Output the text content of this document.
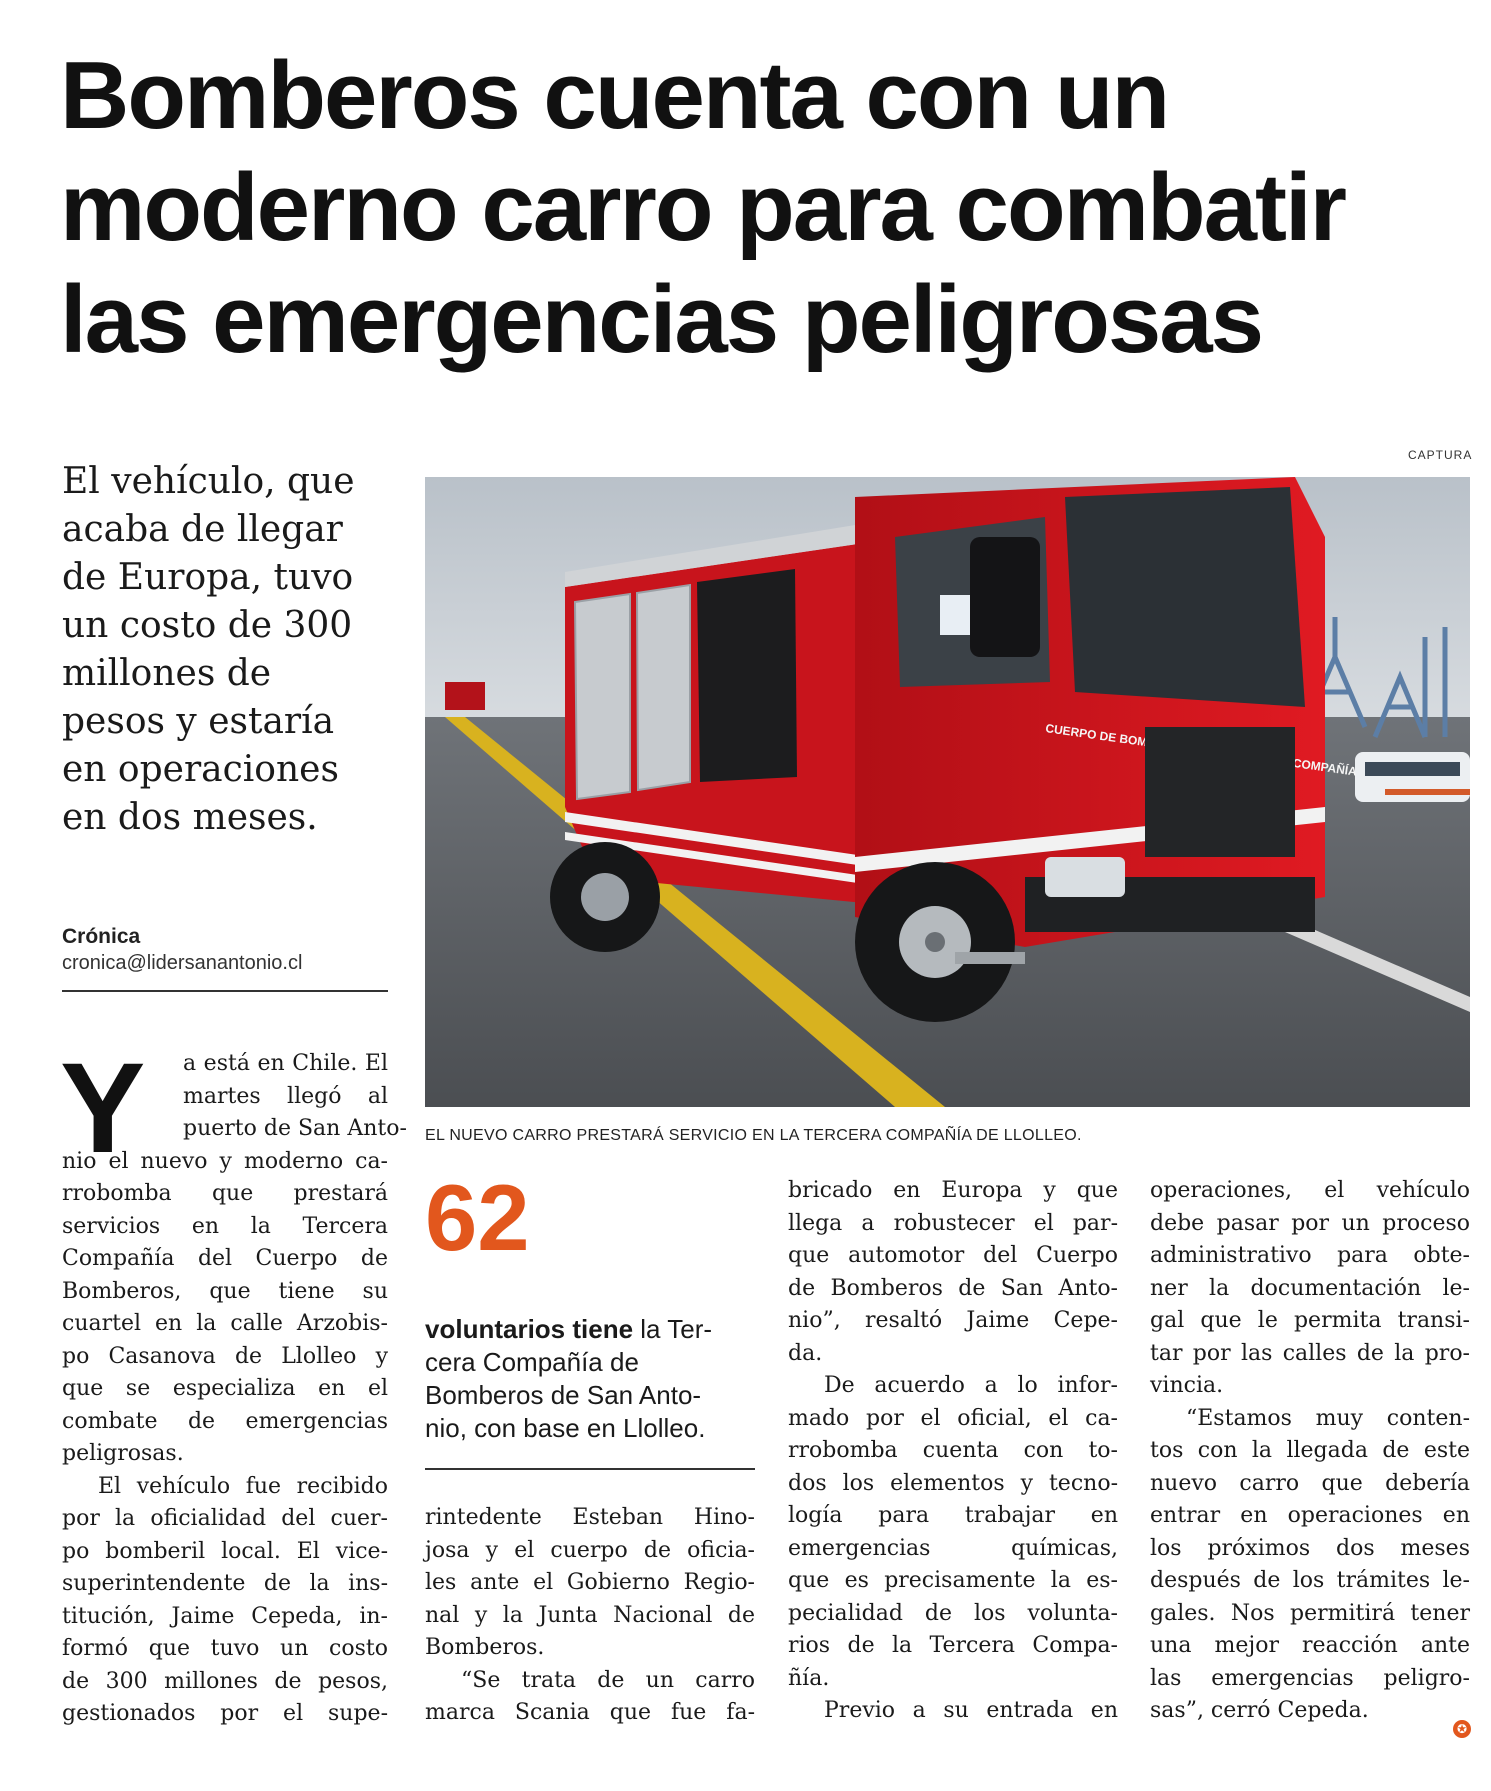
Bomberos cuenta con un
moderno carro para combatir
las emergencias peligrosas
El vehículo, que
acaba de llegar
de Europa, tuvo
un costo de 300
millones de
pesos y estaría
en operaciones
en dos meses.
Crónica
cronica@lidersanantonio.cl
CAPTURA
CUERPO DE COMPAÑÍA
EL NUEVO CARRO PRESTARÁ SERVICIO EN LA TERCERA COMPAÑÍA DE LLOLLEO.
Y a está en Chile. El
martes llegó al
puerto de San Anto-
nio el nuevo y moderno ca-
rrobomba que prestará
servicios en la Tercera
Compañía del Cuerpo de
Bomberos, que tiene su
cuartel en la calle Arzobis-
po Casanova de Llolleo y
que se especializa en el
combate de emergencias
peligrosas.
El vehículo fue recibido
por la oficialidad del cuer-
po bomberil local. El vice-
superintendente de la ins-
titución, Jaime Cepeda, in-
formó que tuvo un costo
de 300 millones de pesos,
gestionados por el supe-
62
voluntarios tiene la Ter-
cera Compañía de
Bomberos de San Anto-
nio, con base en Llolleo.
rintedente Esteban Hino-
josa y el cuerpo de oficia-
les ante el Gobierno Regio-
nal y la Junta Nacional de
Bomberos.
“Se trata de un carro
marca Scania que fue fa-
bricado en Europa y que
llega a robustecer el par-
que automotor del Cuerpo
de Bomberos de San Anto-
nio”, resaltó Jaime Cepe-
da.
De acuerdo a lo infor-
mado por el oficial, el ca-
rrobomba cuenta con to-
dos los elementos y tecno-
logía para trabajar en
emergencias químicas,
que es precisamente la es-
pecialidad de los volunta-
rios de la Tercera Compa-
ñía.
Previo a su entrada en
operaciones, el vehículo
debe pasar por un proceso
administrativo para obte-
ner la documentación le-
gal que le permita transi-
tar por las calles de la pro-
vincia.
“Estamos muy conten-
tos con la llegada de este
nuevo carro que debería
entrar en operaciones en
los próximos dos meses
después de los trámites le-
gales. Nos permitirá tener
una mejor reacción ante
las emergencias peligro-
sas”, cerró Cepeda.
✪
